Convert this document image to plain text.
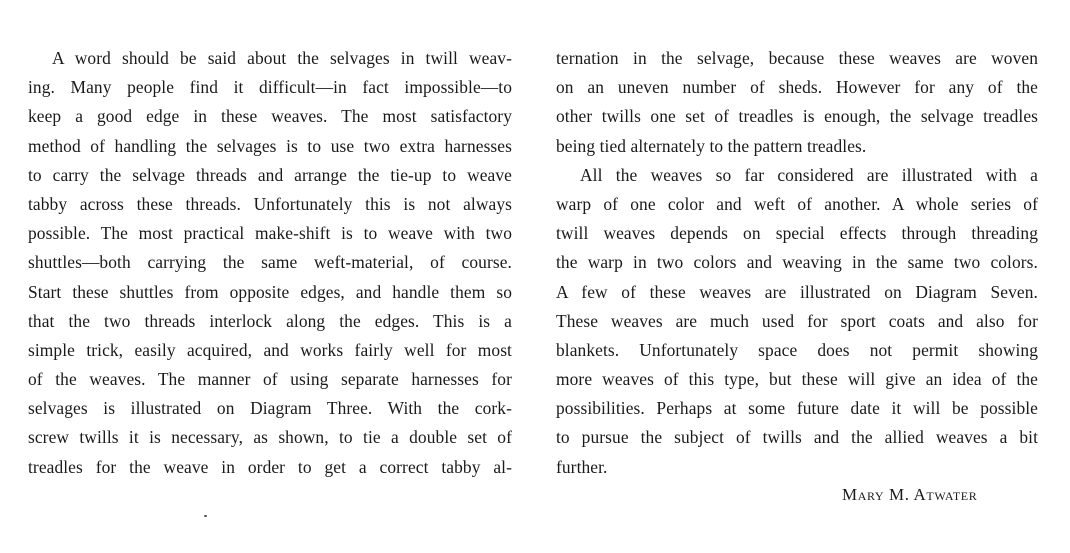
A word should be said about the selvages in twill weav-
ing. Many people find it difficult—in fact impossible—to
keep a good edge in these weaves. The most satisfactory
method of handling the selvages is to use two extra harnesses
to carry the selvage threads and arrange the tie-up to weave
tabby across these threads. Unfortunately this is not always
possible. The most practical make-shift is to weave with two
shuttles—both carrying the same weft-material, of course.
Start these shuttles from opposite edges, and handle them so
that the two threads interlock along the edges. This is a
simple trick, easily acquired, and works fairly well for most
of the weaves. The manner of using separate harnesses for
selvages is illustrated on Diagram Three. With the cork-
screw twills it is necessary, as shown, to tie a double set of
treadles for the weave in order to get a correct tabby al-
ternation in the selvage, because these weaves are woven
on an uneven number of sheds. However for any of the
other twills one set of treadles is enough, the selvage treadles
being tied alternately to the pattern treadles.
All the weaves so far considered are illustrated with a
warp of one color and weft of another. A whole series of
twill weaves depends on special effects through threading
the warp in two colors and weaving in the same two colors.
A few of these weaves are illustrated on Diagram Seven.
These weaves are much used for sport coats and also for
blankets. Unfortunately space does not permit showing
more weaves of this type, but these will give an idea of the
possibilities. Perhaps at some future date it will be possible
to pursue the subject of twills and the allied weaves a bit
further.
Mary M. Atwater
